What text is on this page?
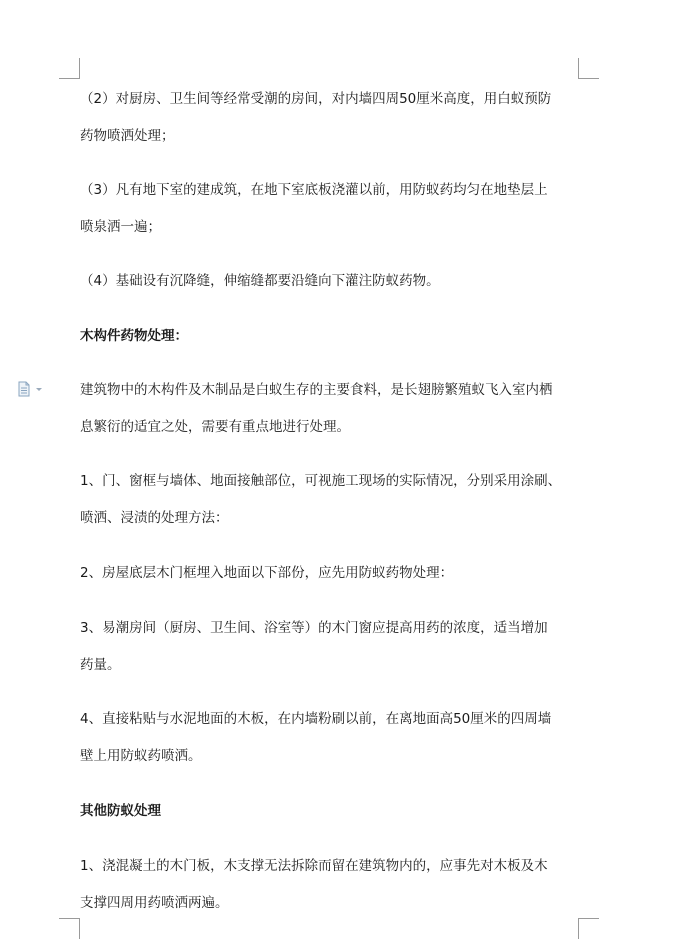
（2）对厨房、卫生间等经常受潮的房间，对内墙四周50厘米高度，用白蚁预防
药物喷洒处理；
（3）凡有地下室的建成筑，在地下室底板浇灌以前，用防蚁药均匀在地垫层上
喷泉洒一遍；
（4）基础设有沉降缝，伸缩缝都要沿缝向下灌注防蚁药物。
木构件药物处理：
建筑物中的木构件及木制品是白蚁生存的主要食料，是长翅膀繁殖蚁飞入室内栖
息繁衍的适宜之处，需要有重点地进行处理。
1、门、窗框与墙体、地面接触部位，可视施工现场的实际情况，分别采用涂刷、
喷洒、浸渍的处理方法：
2、房屋底层木门框埋入地面以下部份，应先用防蚁药物处理：
3、易潮房间（厨房、卫生间、浴室等）的木门窗应提高用药的浓度，适当增加
药量。
4、直接粘贴与水泥地面的木板，在内墙粉刷以前，在离地面高50厘米的四周墙
壁上用防蚁药喷洒。
其他防蚁处理
1、浇混凝土的木门板，木支撑无法拆除而留在建筑物内的，应事先对木板及木
支撑四周用药喷洒两遍。
